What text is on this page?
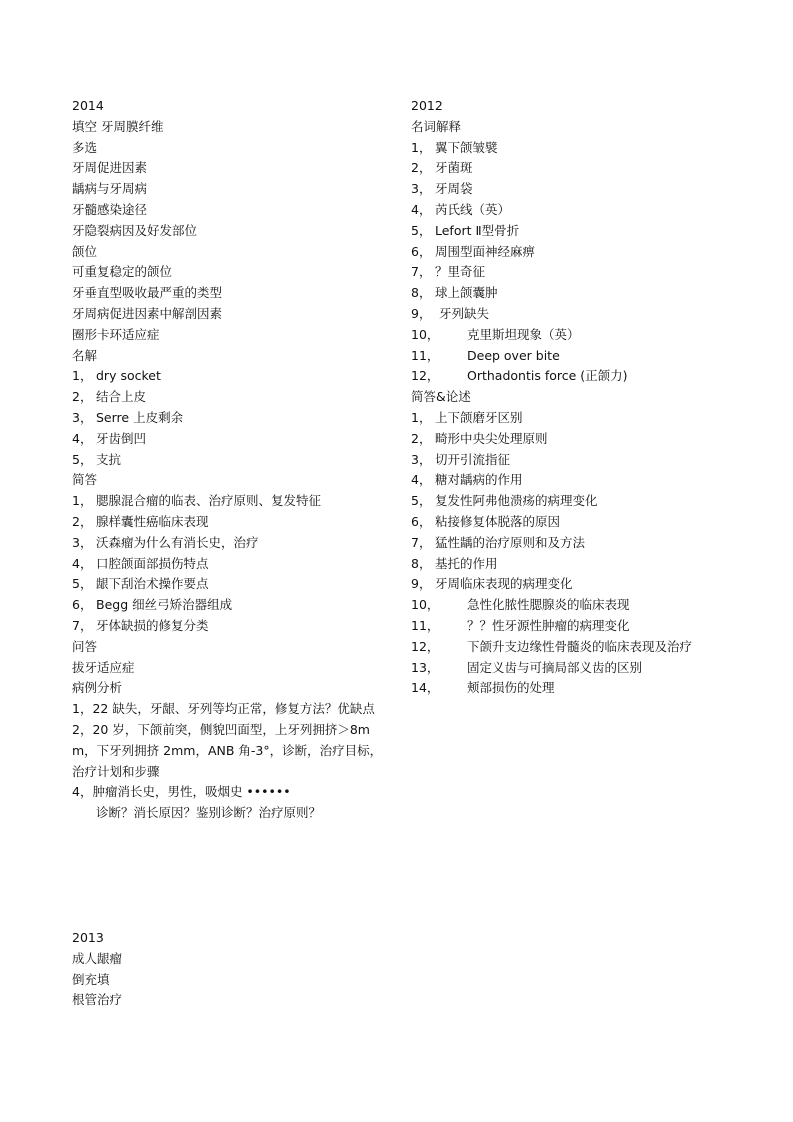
2014
填空 牙周膜纤维
多选
牙周促进因素
龋病与牙周病
牙髓感染途径
牙隐裂病因及好发部位
颌位
可重复稳定的颌位
牙垂直型吸收最严重的类型
牙周病促进因素中解剖因素
圈形卡环适应症
名解
1， dry socket
2， 结合上皮
3， Serre 上皮剩余
4， 牙齿倒凹
5， 支抗
简答
1， 腮腺混合瘤的临表、治疗原则、复发特征
2， 腺样囊性癌临床表现
3， 沃森瘤为什么有消长史，治疗
4， 口腔颌面部损伤特点
5， 龈下刮治术操作要点
6， Begg 细丝弓矫治器组成
7， 牙体缺损的修复分类
问答
拔牙适应症
病例分析
1，22 缺失，牙龈、牙列等均正常，修复方法？优缺点
2，20 岁，下颌前突，侧貌凹面型，上牙列拥挤＞8mm，下牙列拥挤 2mm，ANB 角-3°，诊断，治疗目标，治疗计划和步骤
4，肿瘤消长史，男性，吸烟史 ••••••
诊断？消长原因？鉴别诊断？治疗原则？
2012
名词解释
1， 翼下颌皱襞
2， 牙菌斑
3， 牙周袋
4， 芮氏线（英）
5， Lefort Ⅱ型骨折
6， 周围型面神经麻痹
7， ？里奇征
8， 球上颌囊肿
9， 牙列缺失
10， 克里斯坦现象（英）
11， Deep over bite
12， Orthadontis force (正颌力)
简答&论述
1， 上下颌磨牙区别
2， 畸形中央尖处理原则
3， 切开引流指征
4， 糖对龋病的作用
5， 复发性阿弗他溃疡的病理变化
6， 粘接修复体脱落的原因
7， 猛性龋的治疗原则和及方法
8， 基托的作用
9， 牙周临床表现的病理变化
10， 急性化脓性腮腺炎的临床表现
11， ？？性牙源性肿瘤的病理变化
12， 下颌升支边缘性骨髓炎的临床表现及治疗
13， 固定义齿与可摘局部义齿的区别
14， 颊部损伤的处理
2013
成人龈瘤
倒充填
根管治疗
